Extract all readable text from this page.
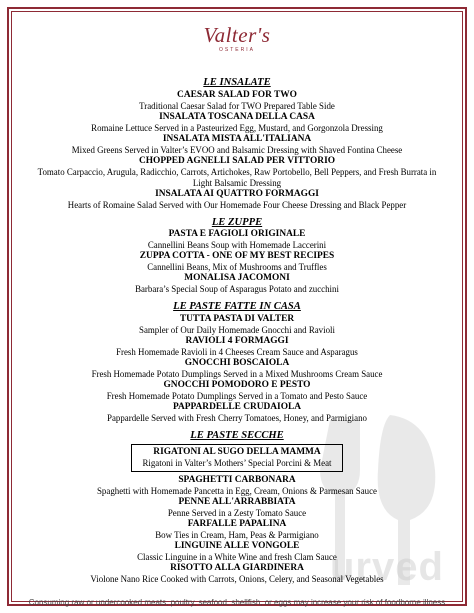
Valter's
OSTERIA
urved
LE INSALATE
CAESAR SALAD FOR TWO
Traditional Caesar Salad for TWO Prepared Table Side
INSALATA TOSCANA DELLA CASA
Romaine Lettuce Served in a Pasteurized Egg, Mustard, and Gorgonzola Dressing
INSALATA MISTA ALL'ITALIANA
Mixed Greens Served in Valter’s EVOO and Balsamic Dressing with Shaved Fontina Cheese
CHOPPED AGNELLI SALAD PER VITTORIO
Tomato Carpaccio, Arugula, Radicchio, Carrots, Artichokes, Raw Portobello, Bell Peppers, and Fresh Burrata in
Light Balsamic Dressing
INSALATA AI QUATTRO FORMAGGI
Hearts of Romaine Salad Served with Our Homemade Four Cheese Dressing and Black Pepper
LE ZUPPE
PASTA E FAGIOLI ORIGINALE
Cannellini Beans Soup with Homemade Laccerini
ZUPPA COTTA - ONE OF MY BEST RECIPES
Cannellini Beans, Mix of Mushrooms and Truffles
MONALISA JACOMONI
Barbara’s Special Soup of Asparagus Potato and zucchini
LE PASTE FATTE IN CASA
TUTTA PASTA DI VALTER
Sampler of Our Daily Homemade Gnocchi and Ravioli
RAVIOLI 4 FORMAGGI
Fresh Homemade Ravioli in 4 Cheeses Cream Sauce and Asparagus
GNOCCHI BOSCAIOLA
Fresh Homemade Potato Dumplings Served in a Mixed Mushrooms Cream Sauce
GNOCCHI POMODORO E PESTO
Fresh Homemade Potato Dumplings Served in a Tomato and Pesto Sauce
PAPPARDELLE CRUDAIOLA
Pappardelle Served with Fresh Cherry Tomatoes, Honey, and Parmigiano
LE PASTE SECCHE
RIGATONI AL SUGO DELLA MAMMA
Rigatoni in Valter’s Mothers’ Special Porcini & Meat
SPAGHETTI CARBONARA
Spaghetti with Homemade Pancetta in Egg, Cream, Onions & Parmesan Sauce
PENNE ALL'ARRABBIATA
Penne Served in a Zesty Tomato Sauce
FARFALLE PAPALINA
Bow Ties in Cream, Ham, Peas & Parmigiano
LINGUINE ALLE VONGOLE
Classic Linguine in a White Wine and fresh Clam Sauce
RISOTTO ALLA GIARDINERA
Violone Nano Rice Cooked with Carrots, Onions, Celery, and Seasonal Vegetables
Consuming raw or undercooked meats, poultry, seafood, shellfish, or eggs may increase your risk of foodborne illness
